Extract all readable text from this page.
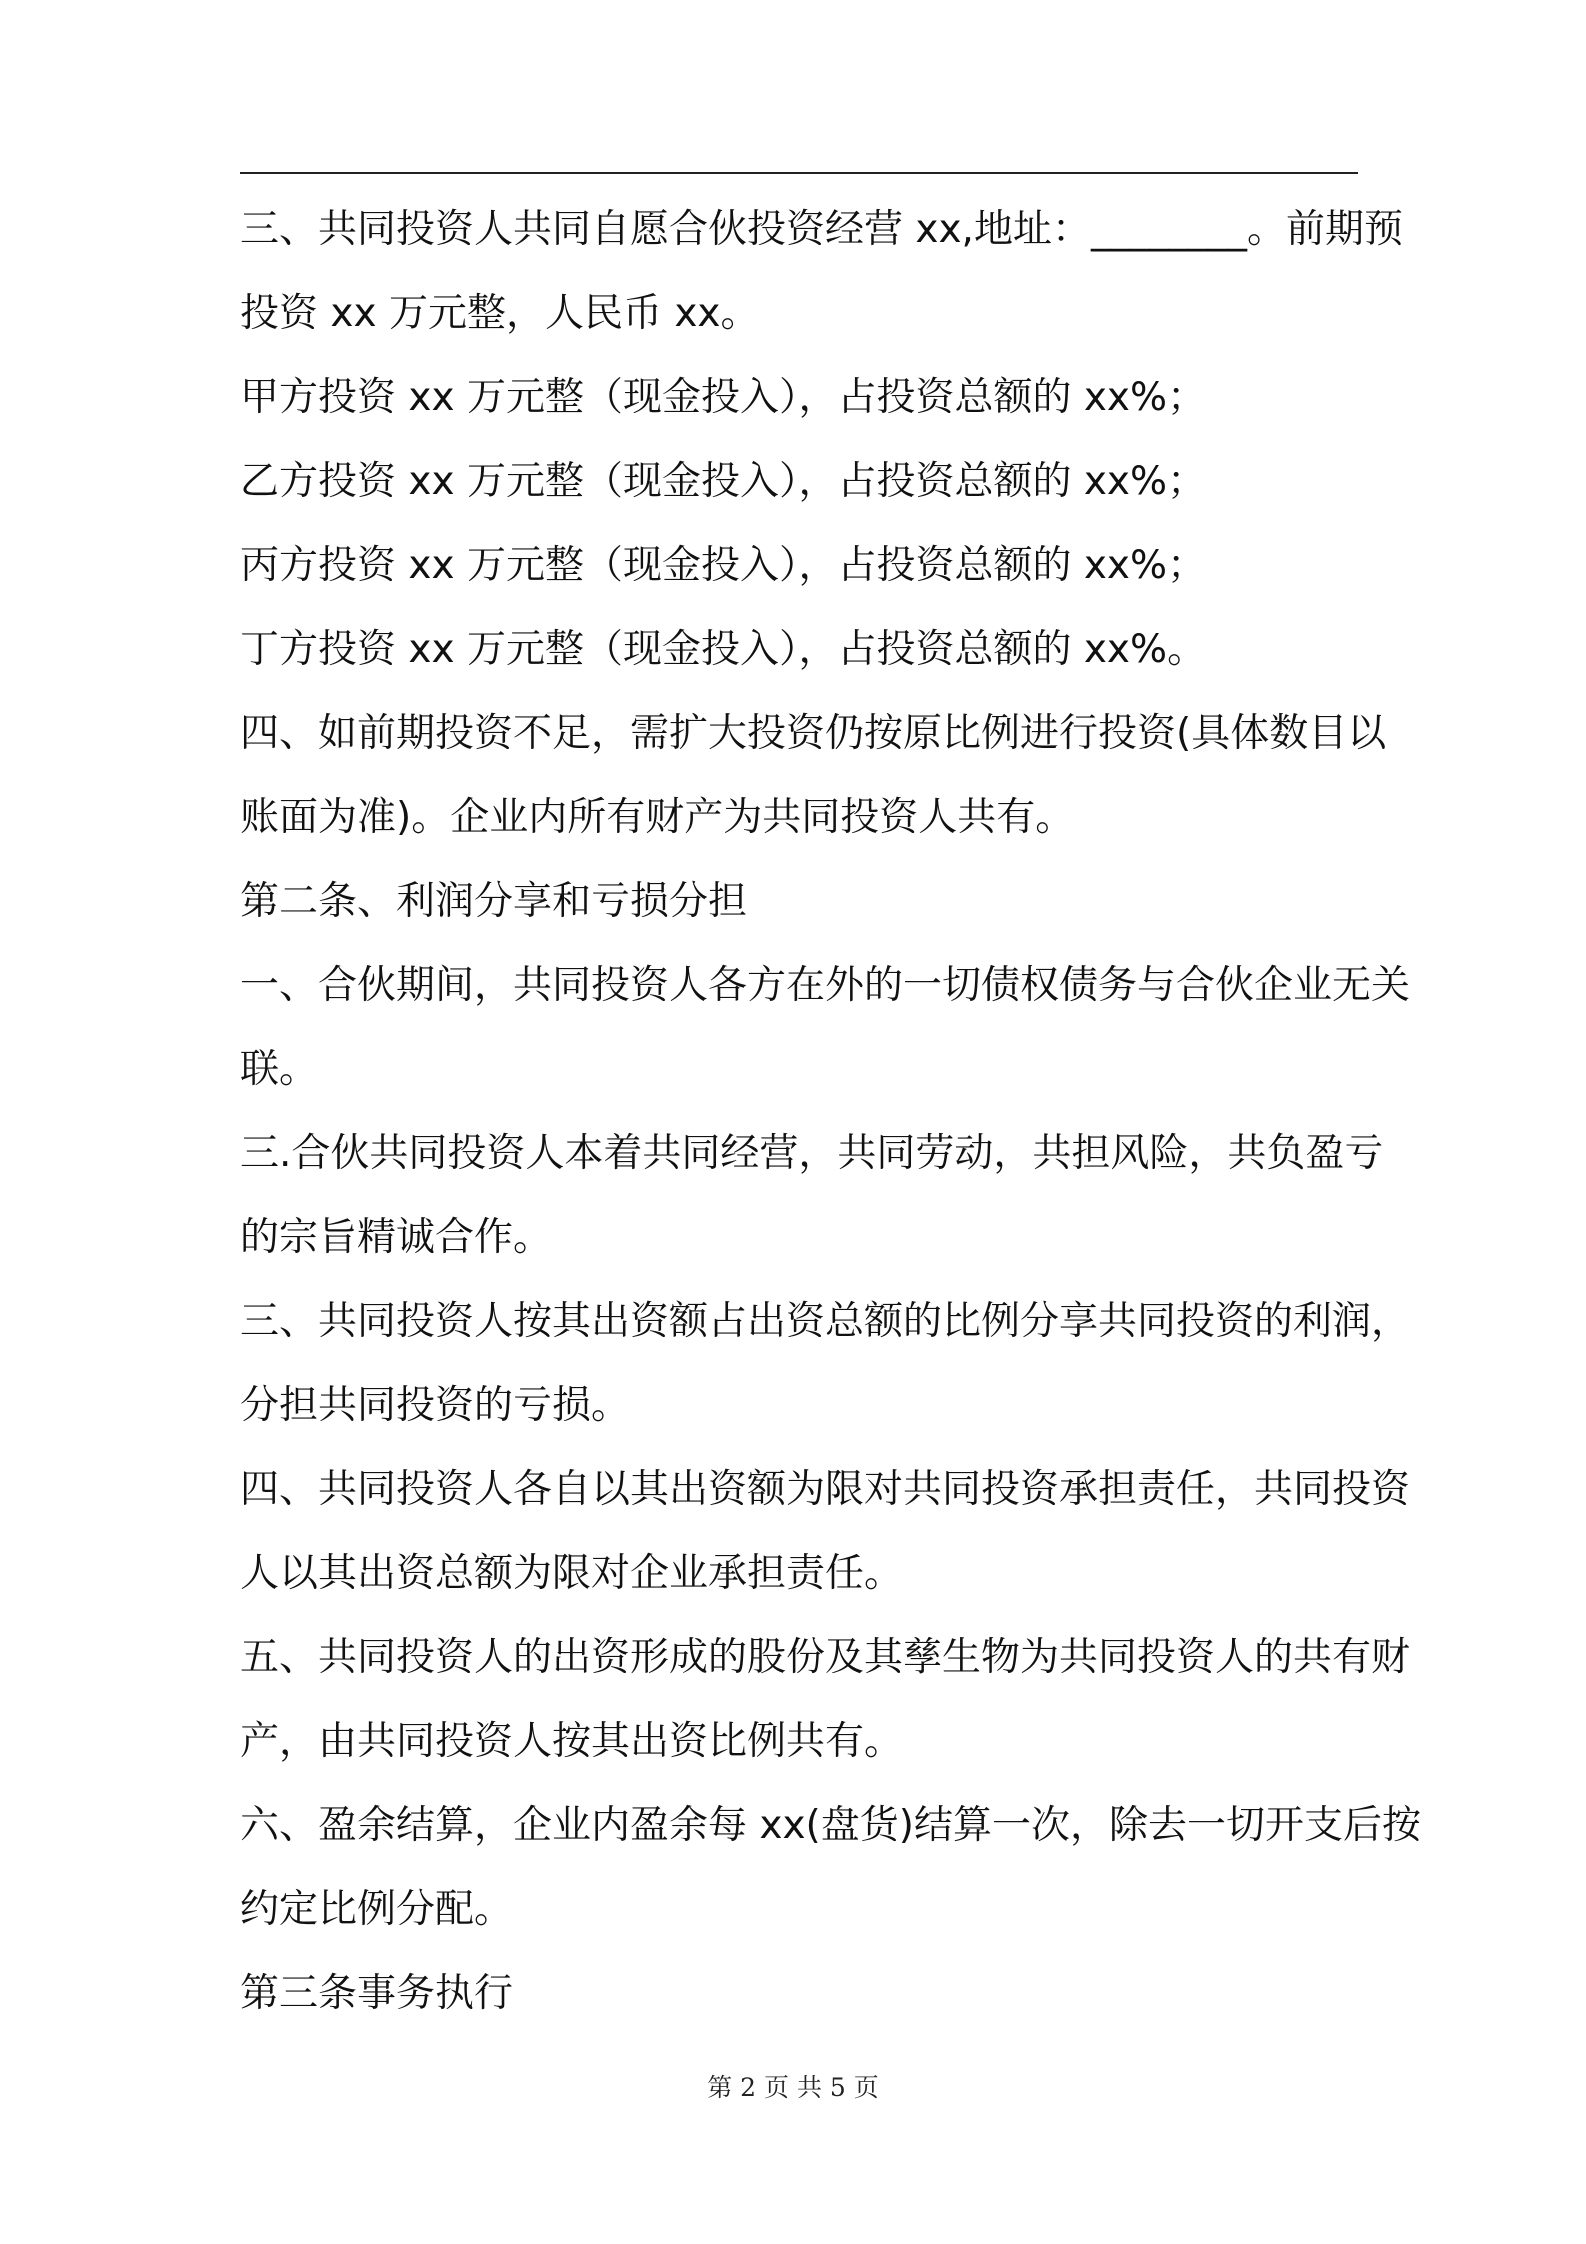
三、共同投资人共同自愿合伙投资经营 xx,地址：________。前期预
投资 xx 万元整，人民币 xx。
甲方投资 xx 万元整（现金投入），占投资总额的 xx%；
乙方投资 xx 万元整（现金投入），占投资总额的 xx%；
丙方投资 xx 万元整（现金投入），占投资总额的 xx%；
丁方投资 xx 万元整（现金投入），占投资总额的 xx%。
四、如前期投资不足，需扩大投资仍按原比例进行投资(具体数目以
账面为准)。企业内所有财产为共同投资人共有。
第二条、利润分享和亏损分担
一、合伙期间，共同投资人各方在外的一切债权债务与合伙企业无关
联。
三.合伙共同投资人本着共同经营，共同劳动，共担风险，共负盈亏
的宗旨精诚合作。
三、共同投资人按其出资额占出资总额的比例分享共同投资的利润，
分担共同投资的亏损。
四、共同投资人各自以其出资额为限对共同投资承担责任，共同投资
人以其出资总额为限对企业承担责任。
五、共同投资人的出资形成的股份及其孳生物为共同投资人的共有财
产，由共同投资人按其出资比例共有。
六、盈余结算，企业内盈余每 xx(盘货)结算一次，除去一切开支后按
约定比例分配。
第三条事务执行
第 2 页 共 5 页
